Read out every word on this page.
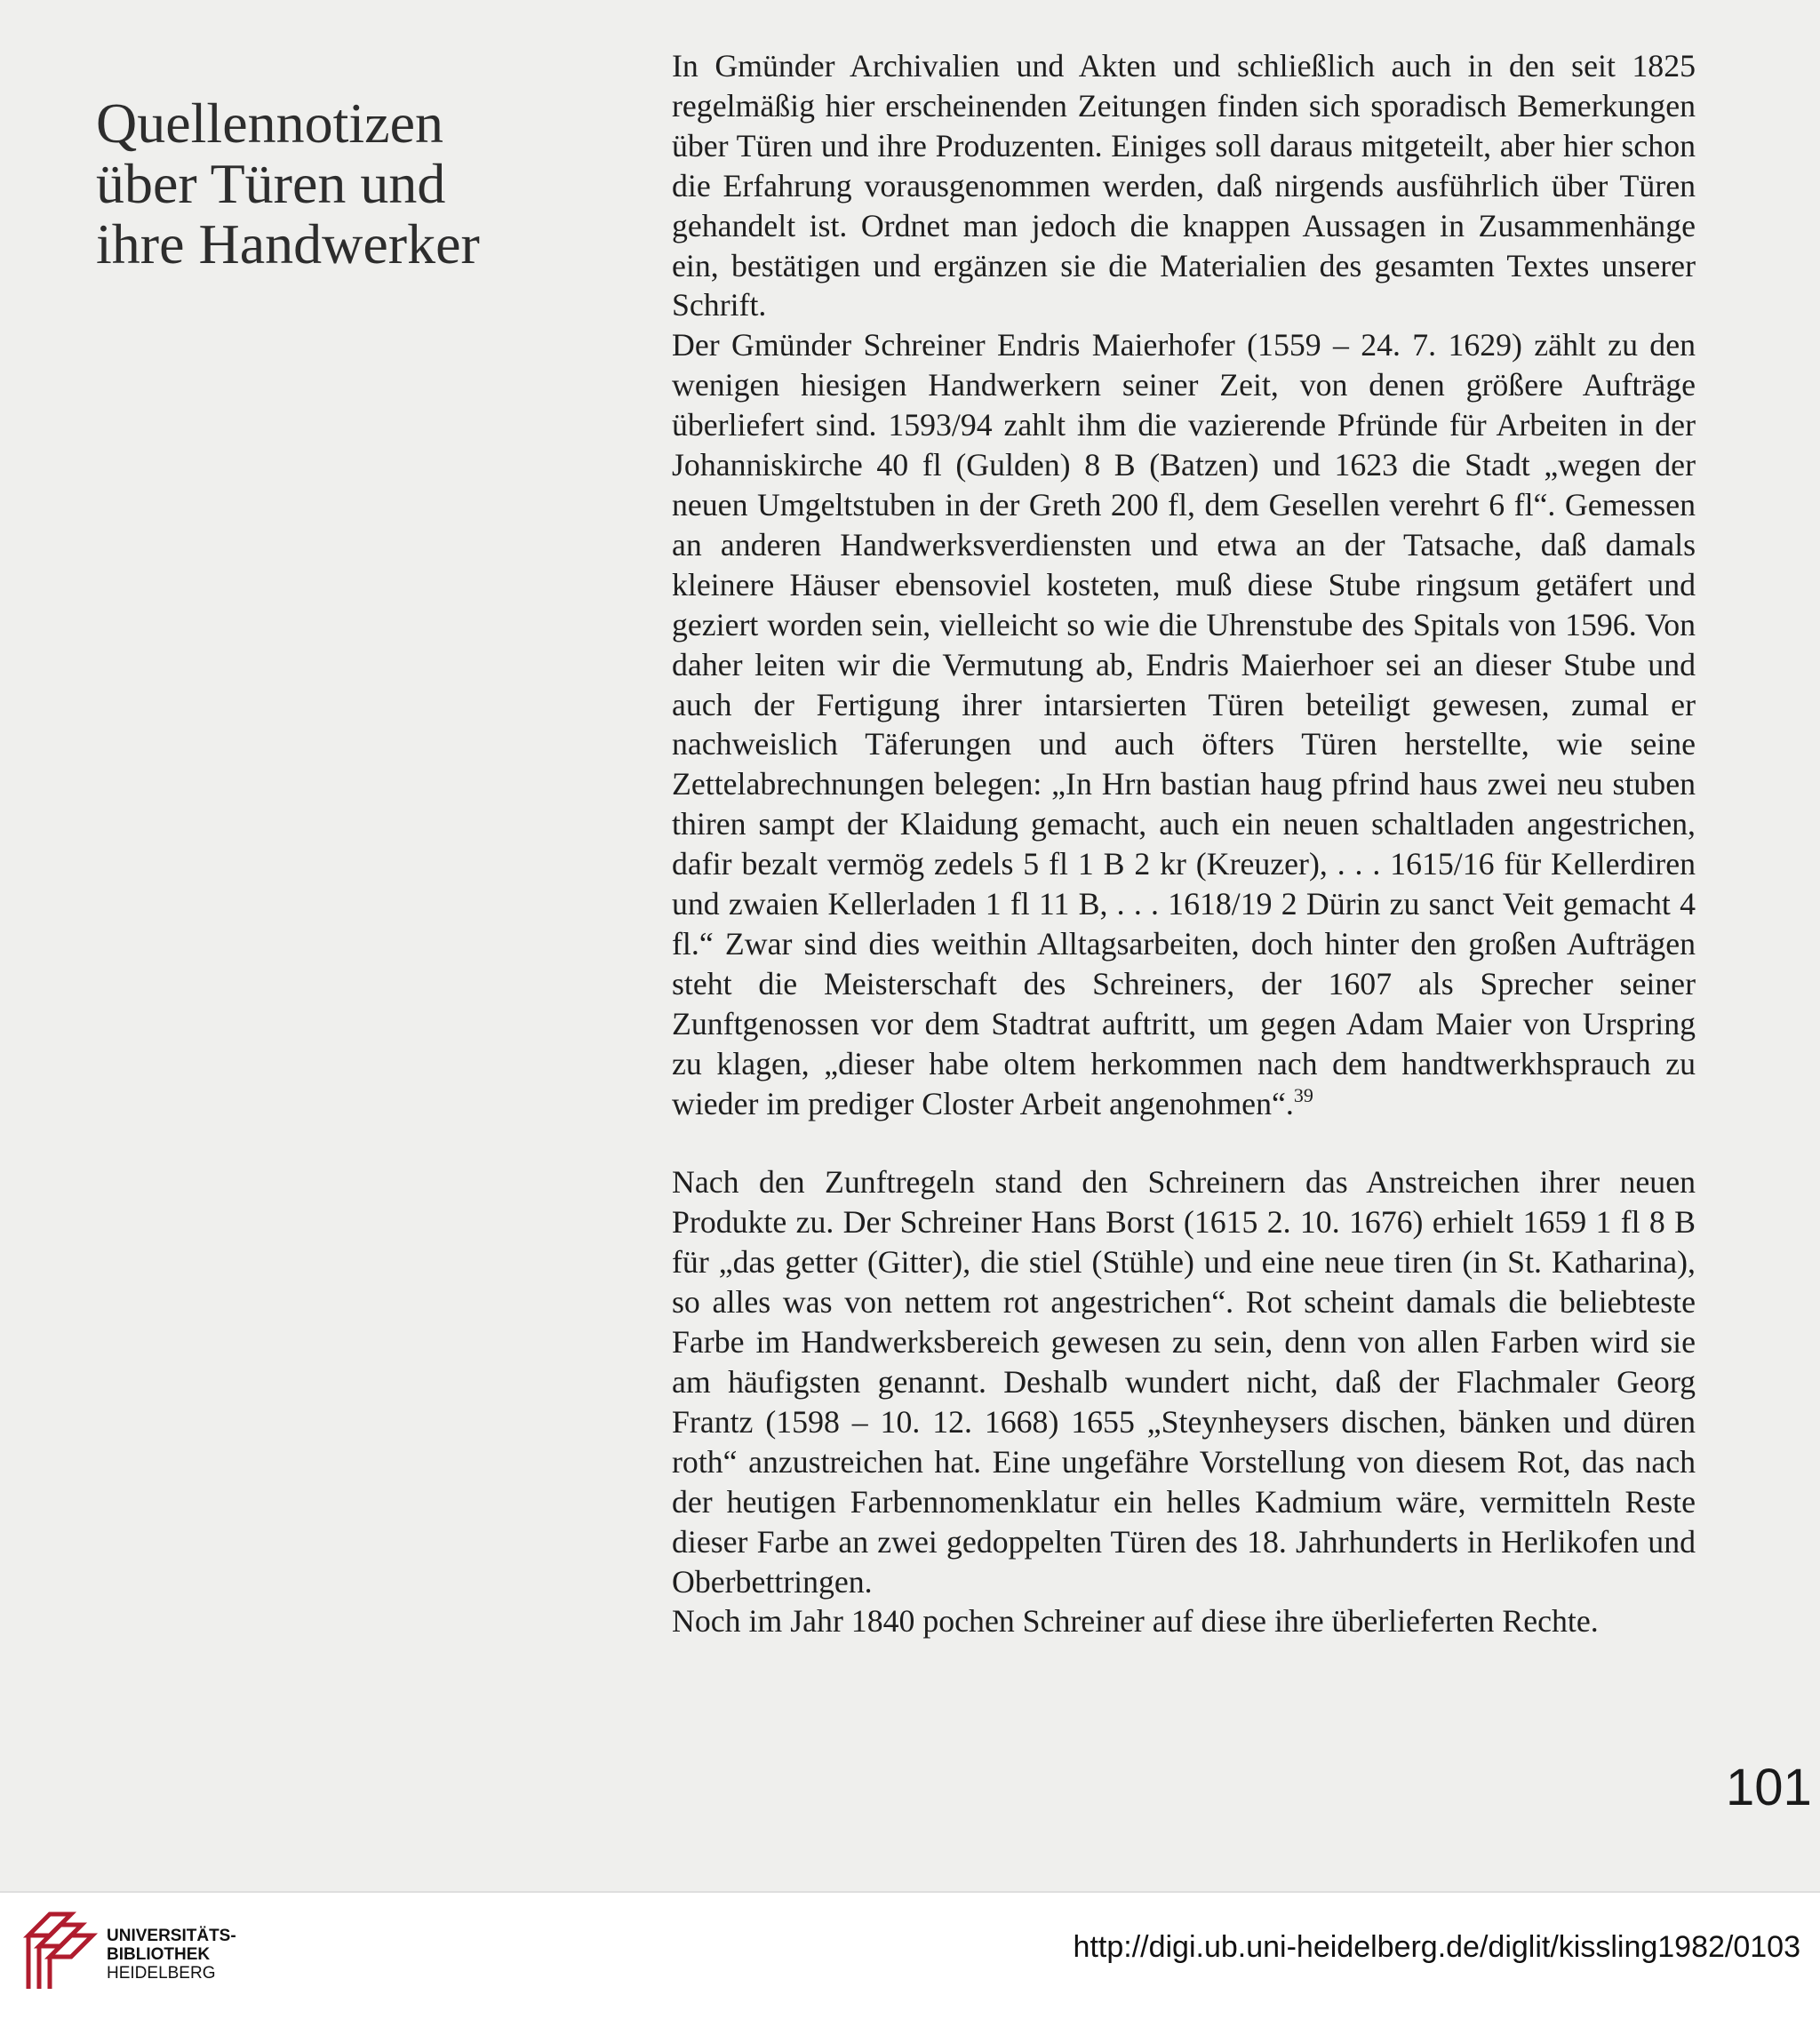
Quellennotizen
über Türen und
ihre Handwerker

In Gmünder Archivalien und Akten und schließlich auch in den seit 1825 regelmäßig hier erscheinenden Zeitungen finden sich sporadisch Bemerkungen über Türen und ihre Produzenten. Einiges soll daraus mitgeteilt, aber hier schon die Erfahrung vorausgenommen werden, daß nirgends ausführlich über Türen gehandelt ist. Ordnet man jedoch die knappen Aussagen in Zusammenhänge ein, bestätigen und ergänzen sie die Materialien des gesamten Textes unserer Schrift.

Der Gmünder Schreiner Endris Maierhofer (1559 – 24. 7. 1629) zählt zu den wenigen hiesigen Handwerkern seiner Zeit, von denen größere Aufträge überliefert sind. 1593/94 zahlt ihm die vazierende Pfründe für Arbeiten in der Johanniskirche 40 fl (Gulden) 8 B (Batzen) und 1623 die Stadt „wegen der neuen Umgeltstuben in der Greth 200 fl, dem Gesellen verehrt 6 fl“. Gemessen an anderen Handwerksverdiensten und etwa an der Tatsache, daß damals kleinere Häuser ebensoviel kosteten, muß diese Stube ringsum getäfert und geziert worden sein, vielleicht so wie die Uhrenstube des Spitals von 1596. Von daher leiten wir die Vermutung ab, Endris Maierhoer sei an dieser Stube und auch der Fertigung ihrer intarsierten Türen beteiligt gewesen, zumal er nachweislich Täferungen und auch öfters Türen herstellte, wie seine Zettelabrechnungen belegen: „In Hrn bastian haug pfrind haus zwei neu stuben thiren sampt der Klaidung gemacht, auch ein neuen schaltladen angestrichen, dafir bezalt vermög zedels 5 fl 1 B 2 kr (Kreuzer), . . . 1615/16 für Kellerdiren und zwaien Kellerladen 1 fl 11 B, . . . 1618/19 2 Dürin zu sanct Veit gemacht 4 fl.“ Zwar sind dies weithin Alltagsarbeiten, doch hinter den großen Aufträgen steht die Meisterschaft des Schreiners, der 1607 als Sprecher seiner Zunftgenossen vor dem Stadtrat auftritt, um gegen Adam Maier von Urspring zu klagen, „dieser habe oltem herkommen nach dem handtwerkhsprauch zu wieder im prediger Closter Arbeit angenohmen“.$^{39}$

Nach den Zunftregeln stand den Schreinern das Anstreichen ihrer neuen Produkte zu. Der Schreiner Hans Borst (1615 2. 10. 1676) erhielt 1659 1 fl 8 B für „das getter (Gitter), die stiel (Stühle) und eine neue tiren (in St. Katharina), so alles was von nettem rot angestrichen“. Rot scheint damals die beliebteste Farbe im Handwerksbereich gewesen zu sein, denn von allen Farben wird sie am häufigsten genannt. Deshalb wundert nicht, daß der Flachmaler Georg Frantz (1598 – 10. 12. 1668) 1655 „Steynheysers dischen, bänken und düren roth“ anzustreichen hat. Eine ungefähre Vorstellung von diesem Rot, das nach der heutigen Farbennomenklatur ein helles Kadmium wäre, vermitteln Reste dieser Farbe an zwei gedoppelten Türen des 18. Jahrhunderts in Herlikofen und Oberbettringen.

Noch im Jahr 1840 pochen Schreiner auf diese ihre überlieferten Rechte.

101
UNIVERSITÄTS-
BIBLIOTHEK
HEIDELBERG
http://digi.ub.uni-heidelberg.de/diglit/kissling1982/0103
